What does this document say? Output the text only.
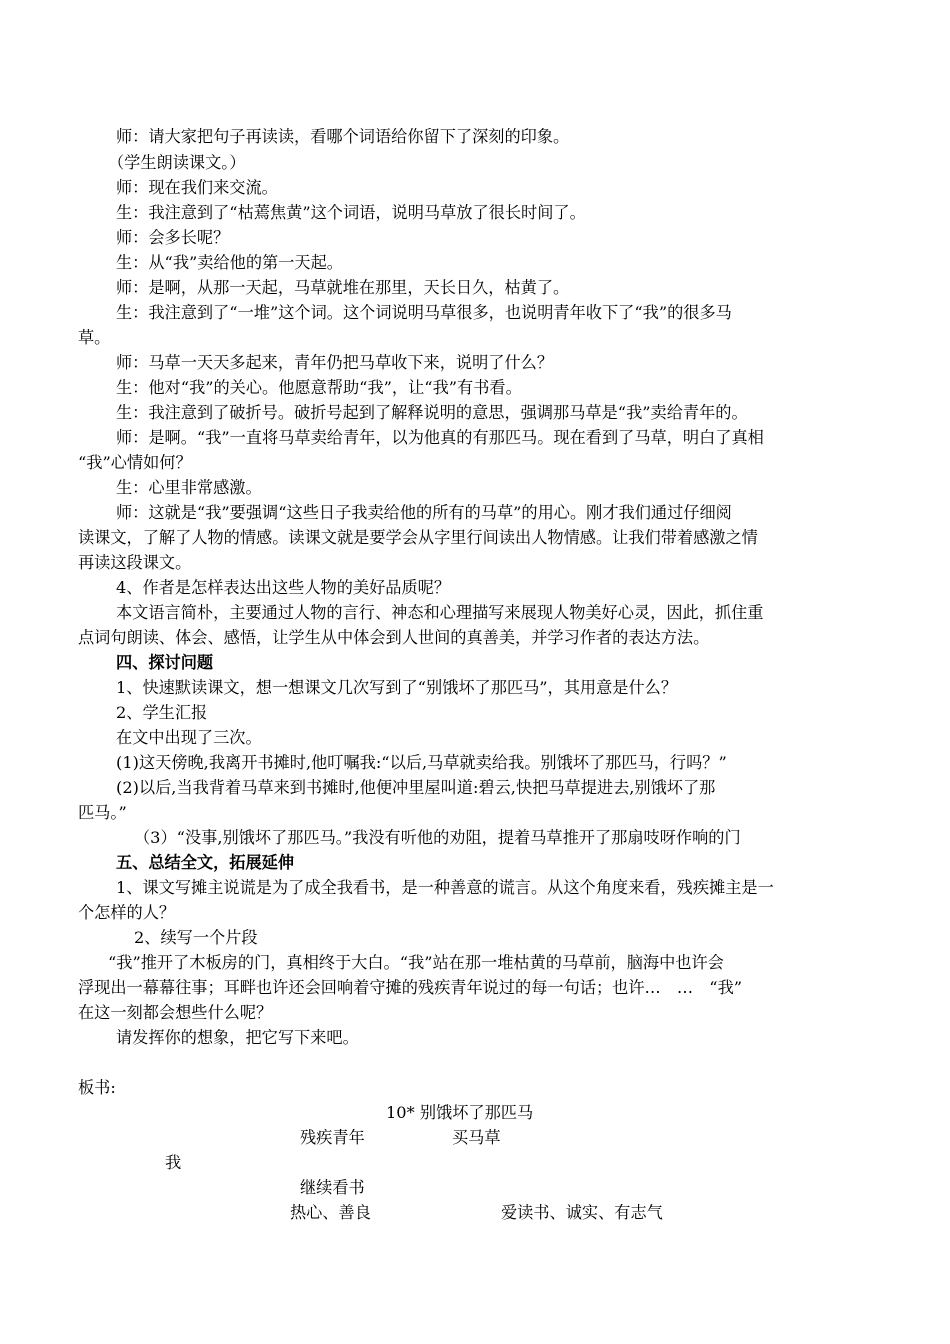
师：请大家把句子再读读，看哪个词语给你留下了深刻的印象。
（学生朗读课文。）
师：现在我们来交流。
生：我注意到了“枯蔫焦黄”这个词语，说明马草放了很长时间了。
师：会多长呢？
生：从“我”卖给他的第一天起。
师：是啊，从那一天起，马草就堆在那里，天长日久，枯黄了。
生：我注意到了“一堆”这个词。这个词说明马草很多，也说明青年收下了“我”的很多马
草。
师：马草一天天多起来，青年仍把马草收下来，说明了什么？
生：他对“我”的关心。他愿意帮助“我”，让“我”有书看。
生：我注意到了破折号。破折号起到了解释说明的意思，强调那马草是“我”卖给青年的。
师：是啊。“我”一直将马草卖给青年，以为他真的有那匹马。现在看到了马草，明白了真相
“我”心情如何？
生：心里非常感激。
师：这就是“我”要强调“这些日子我卖给他的所有的马草”的用心。刚才我们通过仔细阅
读课文，了解了人物的情感。读课文就是要学会从字里行间读出人物情感。让我们带着感激之情
再读这段课文。
4、作者是怎样表达出这些人物的美好品质呢？
本文语言简朴，主要通过人物的言行、神态和心理描写来展现人物美好心灵，因此，抓住重
点词句朗读、体会、感悟，让学生从中体会到人世间的真善美，并学习作者的表达方法。
四、探讨问题
1、快速默读课文，想一想课文几次写到了“别饿坏了那匹马”，其用意是什么？
2、学生汇报
在文中出现了三次。
(1)这天傍晚,我离开书摊时,他叮嘱我:“以后,马草就卖给我。别饿坏了那匹马，行吗？”
(2)以后,当我背着马草来到书摊时,他便冲里屋叫道:碧云,快把马草提进去,别饿坏了那
匹马。”
（3）“没事,别饿坏了那匹马。”我没有听他的劝阻，提着马草推开了那扇吱呀作响的门
五、总结全文，拓展延伸
1、课文写摊主说谎是为了成全我看书，是一种善意的谎言。从这个角度来看，残疾摊主是一
个怎样的人？
2、续写一个片段
“我”推开了木板房的门，真相终于大白。“我”站在那一堆枯黄的马草前，脑海中也许会
浮现出一幕幕往事；耳畔也许还会回响着守摊的残疾青年说过的每一句话；也许…　…　“我”
在这一刻都会想些什么呢？
请发挥你的想象，把它写下来吧。
板书:
10* 别饿坏了那匹马
残疾青年	买马草
我
继续看书
热心、善良	爱读书、诚实、有志气
